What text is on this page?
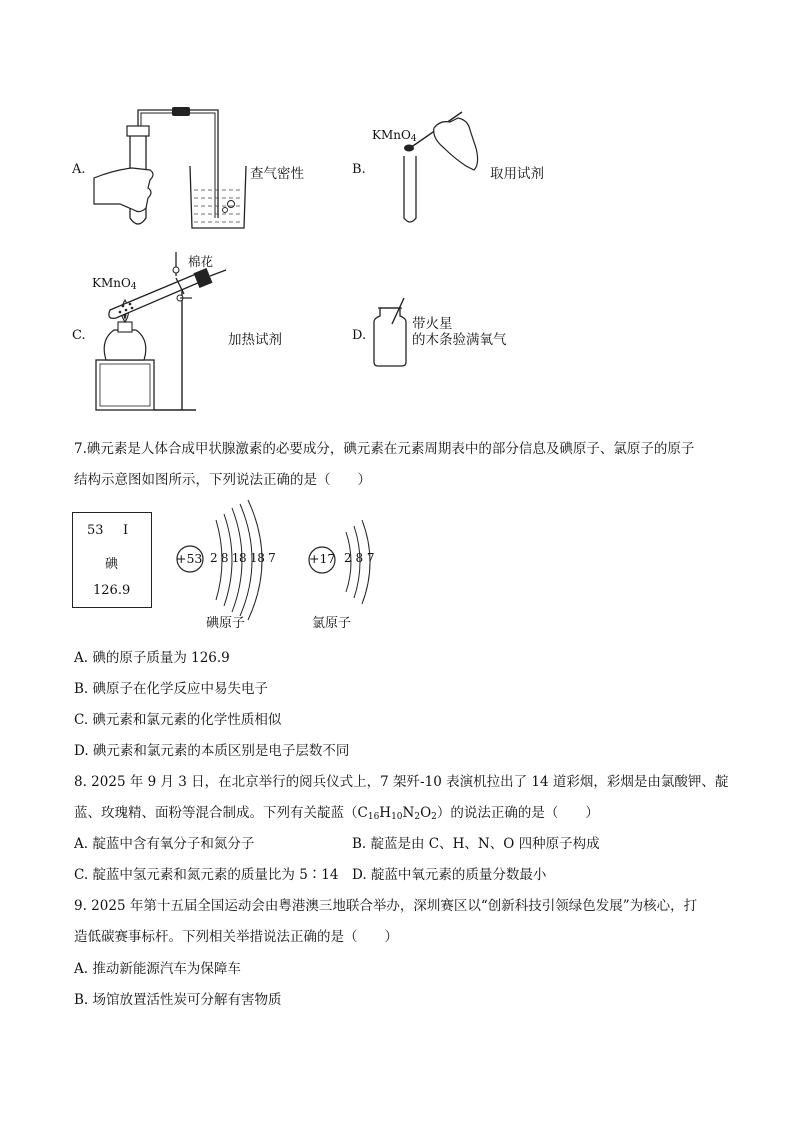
A.	查气密性	B.
KMnO$_4$
取用试剂
C.
KMnO$_4$
棉花
加热试剂	D.
带火星
的木条验满氧气
7.碘元素是人体合成甲状腺激素的必要成分，碘元素在元素周期表中的部分信息及碘原子、氯原子的原子
结构示意图如图所示，下列说法正确的是（　　）
53 I
碘
126.9
+53 2 8 18 18 7
碘原子
+17 2 8 7
氯原子
A. 碘的原子质量为 126.9
B. 碘原子在化学反应中易失电子
C. 碘元素和氯元素的化学性质相似
D. 碘元素和氯元素的本质区别是电子层数不同
8. 2025 年 9 月 3 日，在北京举行的阅兵仪式上，7 架歼-10 表演机拉出了 14 道彩烟，彩烟是由氯酸钾、靛
蓝、玫瑰精、面粉等混合制成。下列有关靛蓝$(C_{16}H_{10}N_2O_2)$的说法正确的是（　　）
A. 靛蓝中含有氧分子和氮分子	B. 靛蓝是由 C、H、N、O 四种原子构成
C. 靛蓝中氢元素和氮元素的质量比为 5∶14 D. 靛蓝中氧元素的质量分数最小
9. 2025 年第十五届全国运动会由粤港澳三地联合举办，深圳赛区以“创新科技引领绿色发展”为核心，打
造低碳赛事标杆。下列相关举措说法正确的是（　　）
A. 推动新能源汽车为保障车
B. 场馆放置活性炭可分解有害物质
